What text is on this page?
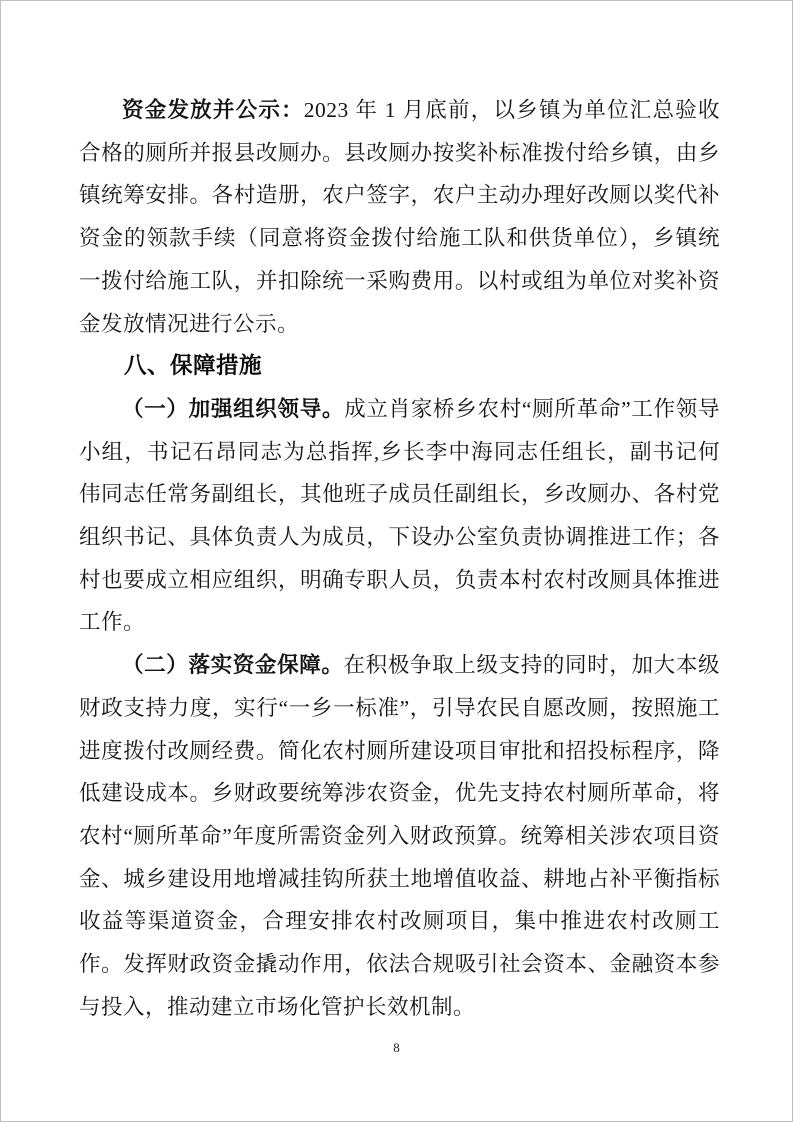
资金发放并公示：2023 年 1 月底前，以乡镇为单位汇总验收合格的厕所并报县改厕办。县改厕办按奖补标准拨付给乡镇，由乡镇统筹安排。各村造册，农户签字，农户主动办理好改厕以奖代补资金的领款手续（同意将资金拨付给施工队和供货单位），乡镇统一拨付给施工队，并扣除统一采购费用。以村或组为单位对奖补资金发放情况进行公示。

八、保障措施

（一）加强组织领导。成立肖家桥乡农村“厕所革命”工作领导小组，书记石昂同志为总指挥,乡长李中海同志任组长，副书记何伟同志任常务副组长，其他班子成员任副组长，乡改厕办、各村党组织书记、具体负责人为成员，下设办公室负责协调推进工作；各村也要成立相应组织，明确专职人员，负责本村农村改厕具体推进工作。

（二）落实资金保障。在积极争取上级支持的同时，加大本级财政支持力度，实行“一乡一标准”，引导农民自愿改厕，按照施工进度拨付改厕经费。简化农村厕所建设项目审批和招投标程序，降低建设成本。乡财政要统筹涉农资金，优先支持农村厕所革命，将农村“厕所革命”年度所需资金列入财政预算。统筹相关涉农项目资金、城乡建设用地增减挂钩所获土地增值收益、耕地占补平衡指标收益等渠道资金，合理安排农村改厕项目，集中推进农村改厕工作。发挥财政资金撬动作用，依法合规吸引社会资本、金融资本参与投入，推动建立市场化管护长效机制。

8
